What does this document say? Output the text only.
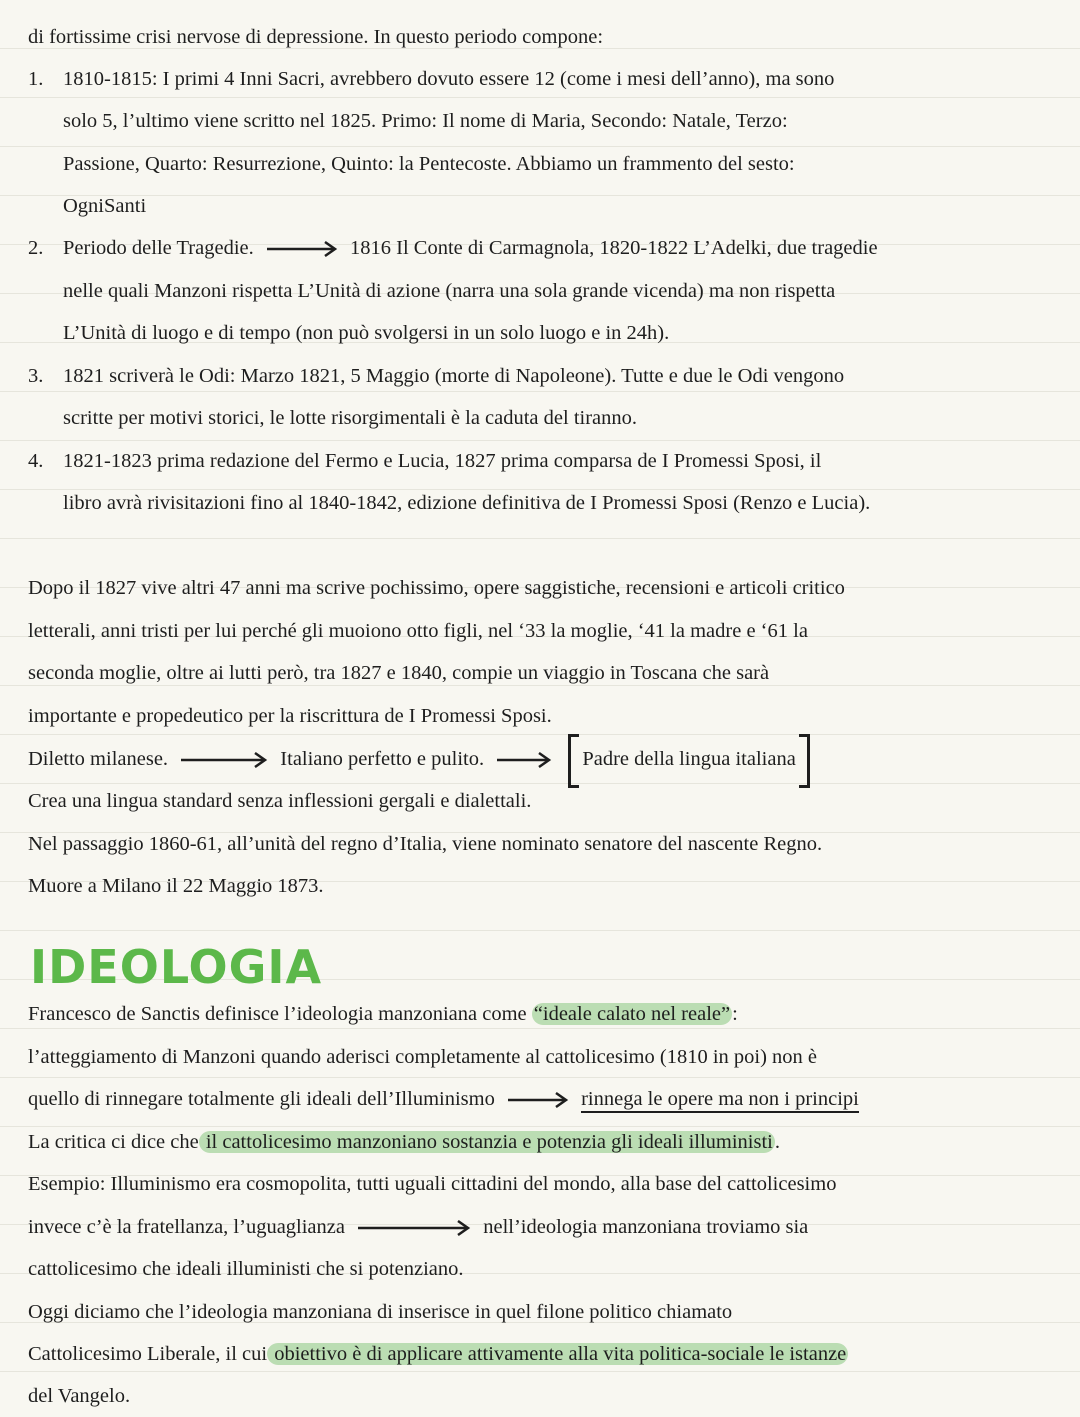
di fortissime crisi nervose di depressione. In questo periodo compone:
1. 1810-1815: I primi 4 Inni Sacri, avrebbero dovuto essere 12 (come i mesi dell’anno), ma sono
solo 5, l’ultimo viene scritto nel 1825. Primo: Il nome di Maria, Secondo: Natale, Terzo:
Passione, Quarto: Resurrezione, Quinto: la Pentecoste. Abbiamo un frammento del sesto:
OgniSanti
2. Periodo delle Tragedie.	1816 Il Conte di Carmagnola, 1820-1822 L’Adelki, due tragedie
nelle quali Manzoni rispetta L’Unità di azione (narra una sola grande vicenda) ma non rispetta
L’Unità di luogo e di tempo (non può svolgersi in un solo luogo e in 24h).
3. 1821 scriverà le Odi: Marzo 1821, 5 Maggio (morte di Napoleone). Tutte e due le Odi vengono
scritte per motivi storici, le lotte risorgimentali è la caduta del tiranno.
4. 1821-1823 prima redazione del Fermo e Lucia, 1827 prima comparsa de I Promessi Sposi, il
libro avrà rivisitazioni fino al 1840-1842, edizione definitiva de I Promessi Sposi (Renzo e Lucia).
Dopo il 1827 vive altri 47 anni ma scrive pochissimo, opere saggistiche, recensioni e articoli critico
letterali, anni tristi per lui perché gli muoiono otto figli, nel ‘33 la moglie, ‘41 la madre e ‘61 la
seconda moglie, oltre ai lutti però, tra 1827 e 1840, compie un viaggio in Toscana che sarà
importante e propedeutico per la riscrittura de I Promessi Sposi.
Diletto milanese.	Italiano perfetto e pulito.	Padre della lingua italiana
Crea una lingua standard senza inflessioni gergali e dialettali.
Nel passaggio 1860-61, all’unità del regno d’Italia, viene nominato senatore del nascente Regno.
Muore a Milano il 22 Maggio 1873.
IDEOLOGIA
Francesco de Sanctis definisce l’ideologia manzoniana come “ideale calato nel reale”:
l’atteggiamento di Manzoni quando aderisci completamente al cattolicesimo (1810 in poi) non è
quello di rinnegare totalmente gli ideali dell’Illuminismo	rinnega le opere ma non i principi
La critica ci dice che il cattolicesimo manzoniano sostanzia e potenzia gli ideali illuministi.
Esempio: Illuminismo era cosmopolita, tutti uguali cittadini del mondo, alla base del cattolicesimo
invece c’è la fratellanza, l’uguaglianza	nell’ideologia manzoniana troviamo sia
cattolicesimo che ideali illuministi che si potenziano.
Oggi diciamo che l’ideologia manzoniana di inserisce in quel filone politico chiamato
Cattolicesimo Liberale, il cui obiettivo è di applicare attivamente alla vita politica-sociale le istanze
del Vangelo.
